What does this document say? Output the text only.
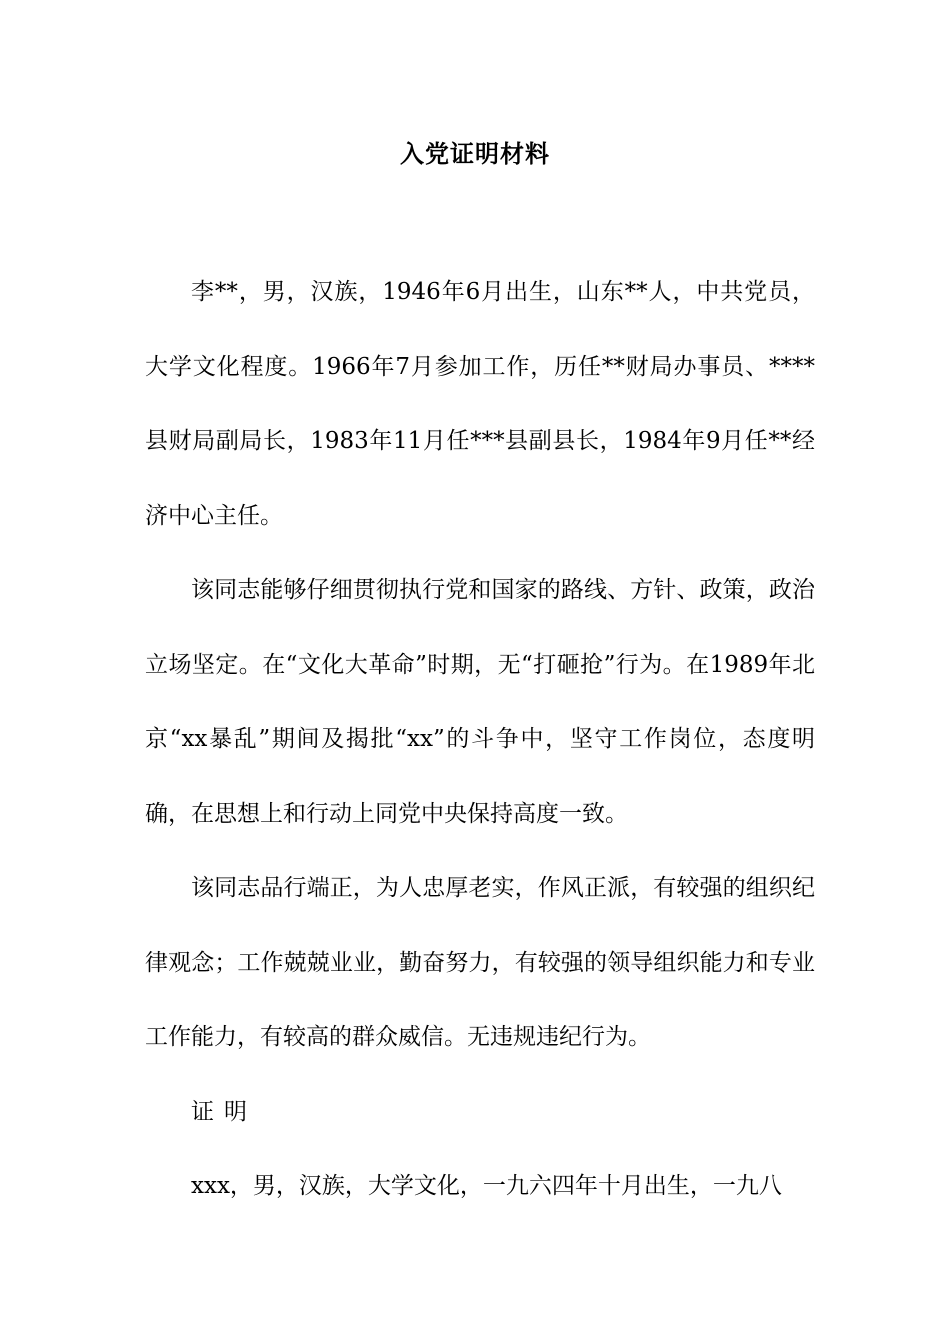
入党证明材料

李**，男，汉族，1946年6月出生，山东**人，中共党员，大学文化程度。1966年7月参加工作，历任**财局办事员、****县财局副局长，1983年11月任***县副县长，1984年9月任**经济中心主任。

该同志能够仔细贯彻执行党和国家的路线、方针、政策，政治立场坚定。在“文化大革命”时期，无“打砸抢”行为。在1989年北京“xx暴乱”期间及揭批“xx”的斗争中，坚守工作岗位，态度明确，在思想上和行动上同党中央保持高度一致。

该同志品行端正，为人忠厚老实，作风正派，有较强的组织纪律观念；工作兢兢业业，勤奋努力，有较强的领导组织能力和专业工作能力，有较高的群众威信。无违规违纪行为。

证明

xxx，男，汉族，大学文化，一九六四年十月出生，一九八
